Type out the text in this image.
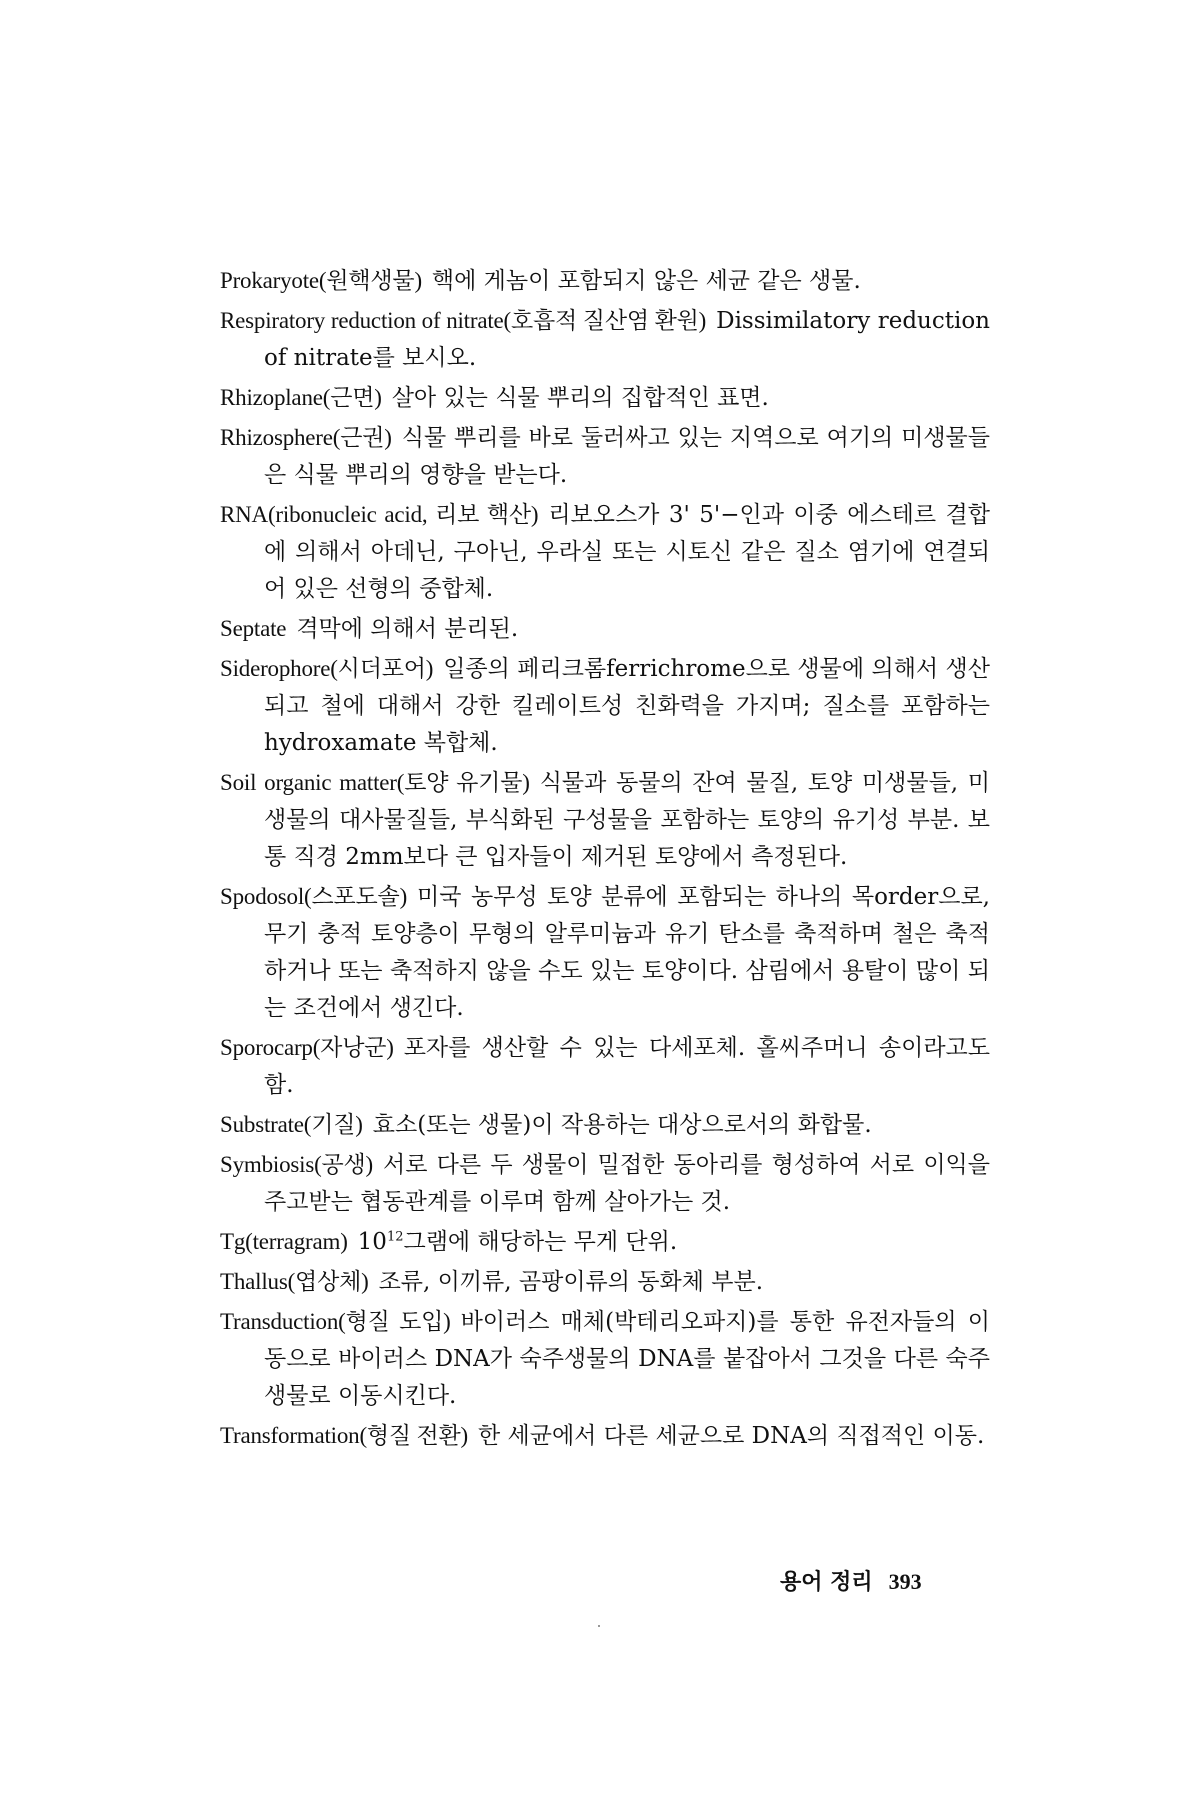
Prokaryote(원핵생물) 핵에 게놈이 포함되지 않은 세균 같은 생물.
Respiratory reduction of nitrate(호흡적 질산염 환원) Dissimilatory reduction of nitrate를 보시오.
Rhizoplane(근면) 살아 있는 식물 뿌리의 집합적인 표면.
Rhizosphere(근권) 식물 뿌리를 바로 둘러싸고 있는 지역으로 여기의 미생물들은 식물 뿌리의 영향을 받는다.
RNA(ribonucleic acid, 리보 핵산) 리보오스가 3' 5'−인과 이중 에스테르 결합에 의해서 아데닌, 구아닌, 우라실 또는 시토신 같은 질소 염기에 연결되어 있은 선형의 중합체.
Septate 격막에 의해서 분리된.
Siderophore(시더포어) 일종의 페리크롬ferrichrome으로 생물에 의해서 생산되고 철에 대해서 강한 킬레이트성 친화력을 가지며; 질소를 포함하는 hydroxamate 복합체.
Soil organic matter(토양 유기물) 식물과 동물의 잔여 물질, 토양 미생물들, 미생물의 대사물질들, 부식화된 구성물을 포함하는 토양의 유기성 부분. 보통 직경 2mm보다 큰 입자들이 제거된 토양에서 측정된다.
Spodosol(스포도솔) 미국 농무성 토양 분류에 포함되는 하나의 목order으로, 무기 충적 토양층이 무형의 알루미늄과 유기 탄소를 축적하며 철은 축적하거나 또는 축적하지 않을 수도 있는 토양이다. 삼림에서 용탈이 많이 되는 조건에서 생긴다.
Sporocarp(자낭군) 포자를 생산할 수 있는 다세포체. 홀씨주머니 송이라고도 함.
Substrate(기질) 효소(또는 생물)이 작용하는 대상으로서의 화합물.
Symbiosis(공생) 서로 다른 두 생물이 밀접한 동아리를 형성하여 서로 이익을 주고받는 협동관계를 이루며 함께 살아가는 것.
Tg(terragram) $10^{12}$그램에 해당하는 무게 단위.
Thallus(엽상체) 조류, 이끼류, 곰팡이류의 동화체 부분.
Transduction(형질 도입) 바이러스 매체(박테리오파지)를 통한 유전자들의 이동으로 바이러스 DNA가 숙주생물의 DNA를 붙잡아서 그것을 다른 숙주생물로 이동시킨다.
Transformation(형질 전환) 한 세균에서 다른 세균으로 DNA의 직접적인 이동.
용어 정리 393
